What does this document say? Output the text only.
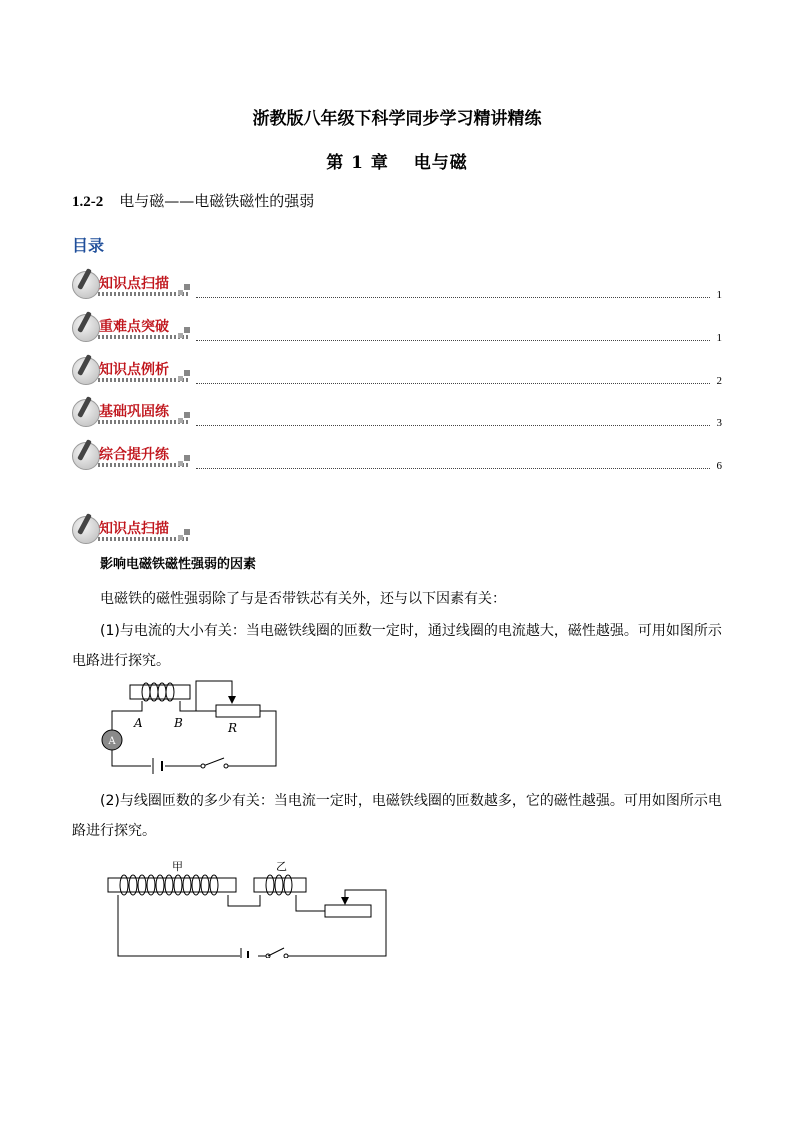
浙教版八年级下科学同步学习精讲精练
第 1 章　 电与磁
1.2-2 电与磁——电磁铁磁性的强弱
目录
知识点扫描
1
重难点突破
1
知识点例析
2
基础巩固练
3
综合提升练
6
知识点扫描
影响电磁铁磁性强弱的因素
电磁铁的磁性强弱除了与是否带铁芯有关外，还与以下因素有关：
(1)与电流的大小有关：当电磁铁线圈的匝数一定时，通过线圈的电流越大，磁性越强。可用如图所示电路进行探究。
A
A	B	R
(2)与线圈匝数的多少有关：当电流一定时，电磁铁线圈的匝数越多，它的磁性越强。可用如图所示电路进行探究。
甲	乙
